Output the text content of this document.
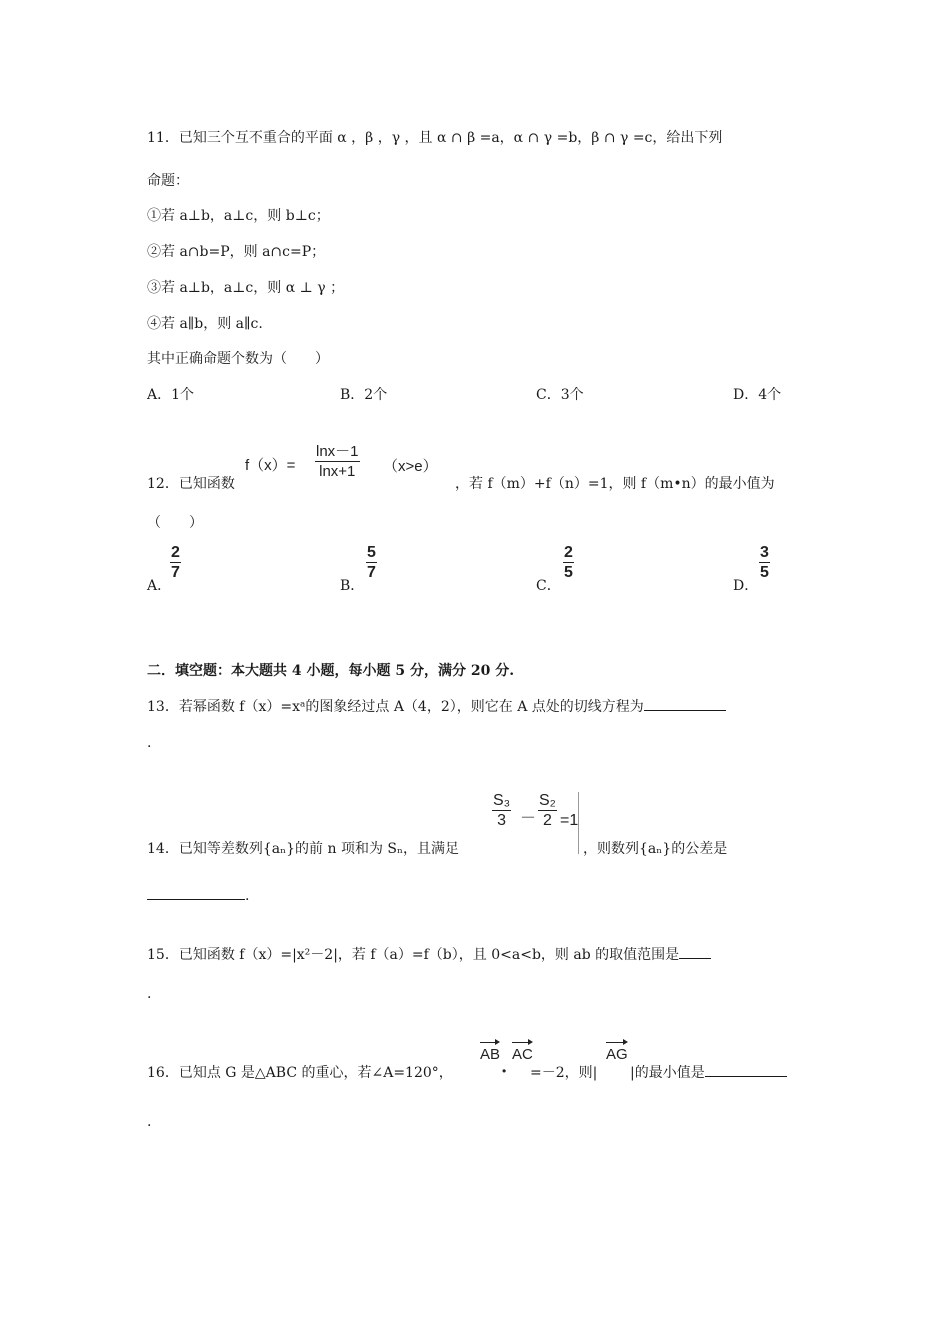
11．已知三个互不重合的平面 α ，β ，γ ，且 α ∩ β =a，α ∩ γ =b，β ∩ γ =c，给出下列
命题：
①若 a⊥b，a⊥c，则 b⊥c；
②若 a∩b=P，则 a∩c=P；
③若 a⊥b，a⊥c，则 α ⊥ γ ；
④若 a∥b，则 a∥c.
其中正确命题个数为（　　）
A．1个	B．2个	C．3个	D．4个
12．已知函数
$f(x)= \frac{\ln x-1}{\ln x+1} (x>e)$
，若 f（m）+f（n）=1，则 f（m•n）的最小值为
（　　）
A．
$\frac{2}{7}$
B．
$\frac{5}{7}$
C．
$\frac{2}{5}$
D．
$\frac{3}{5}$
二．填空题：本大题共 4 小题，每小题 5 分，满分 20 分.
13．若幂函数 f（x）=xᵃ的图象经过点 A（4，2），则它在 A 点处的切线方程为
.
14．已知等差数列{aₙ}的前 n 项和为 Sₙ，且满足
$\frac{\text{S₃}}{3} - \frac{\text{S₂}}{2} =1$
，则数列{aₙ}的公差是
.
15．已知函数 f（x）=|x²－2|，若 f（a）=f（b），且 0<a<b，则 ab 的取值范围是
.
16．已知点 G 是△ABC 的重心，若∠A=120°，
AB
•
AC
=－2，则|
AG
|的最小值是
.
